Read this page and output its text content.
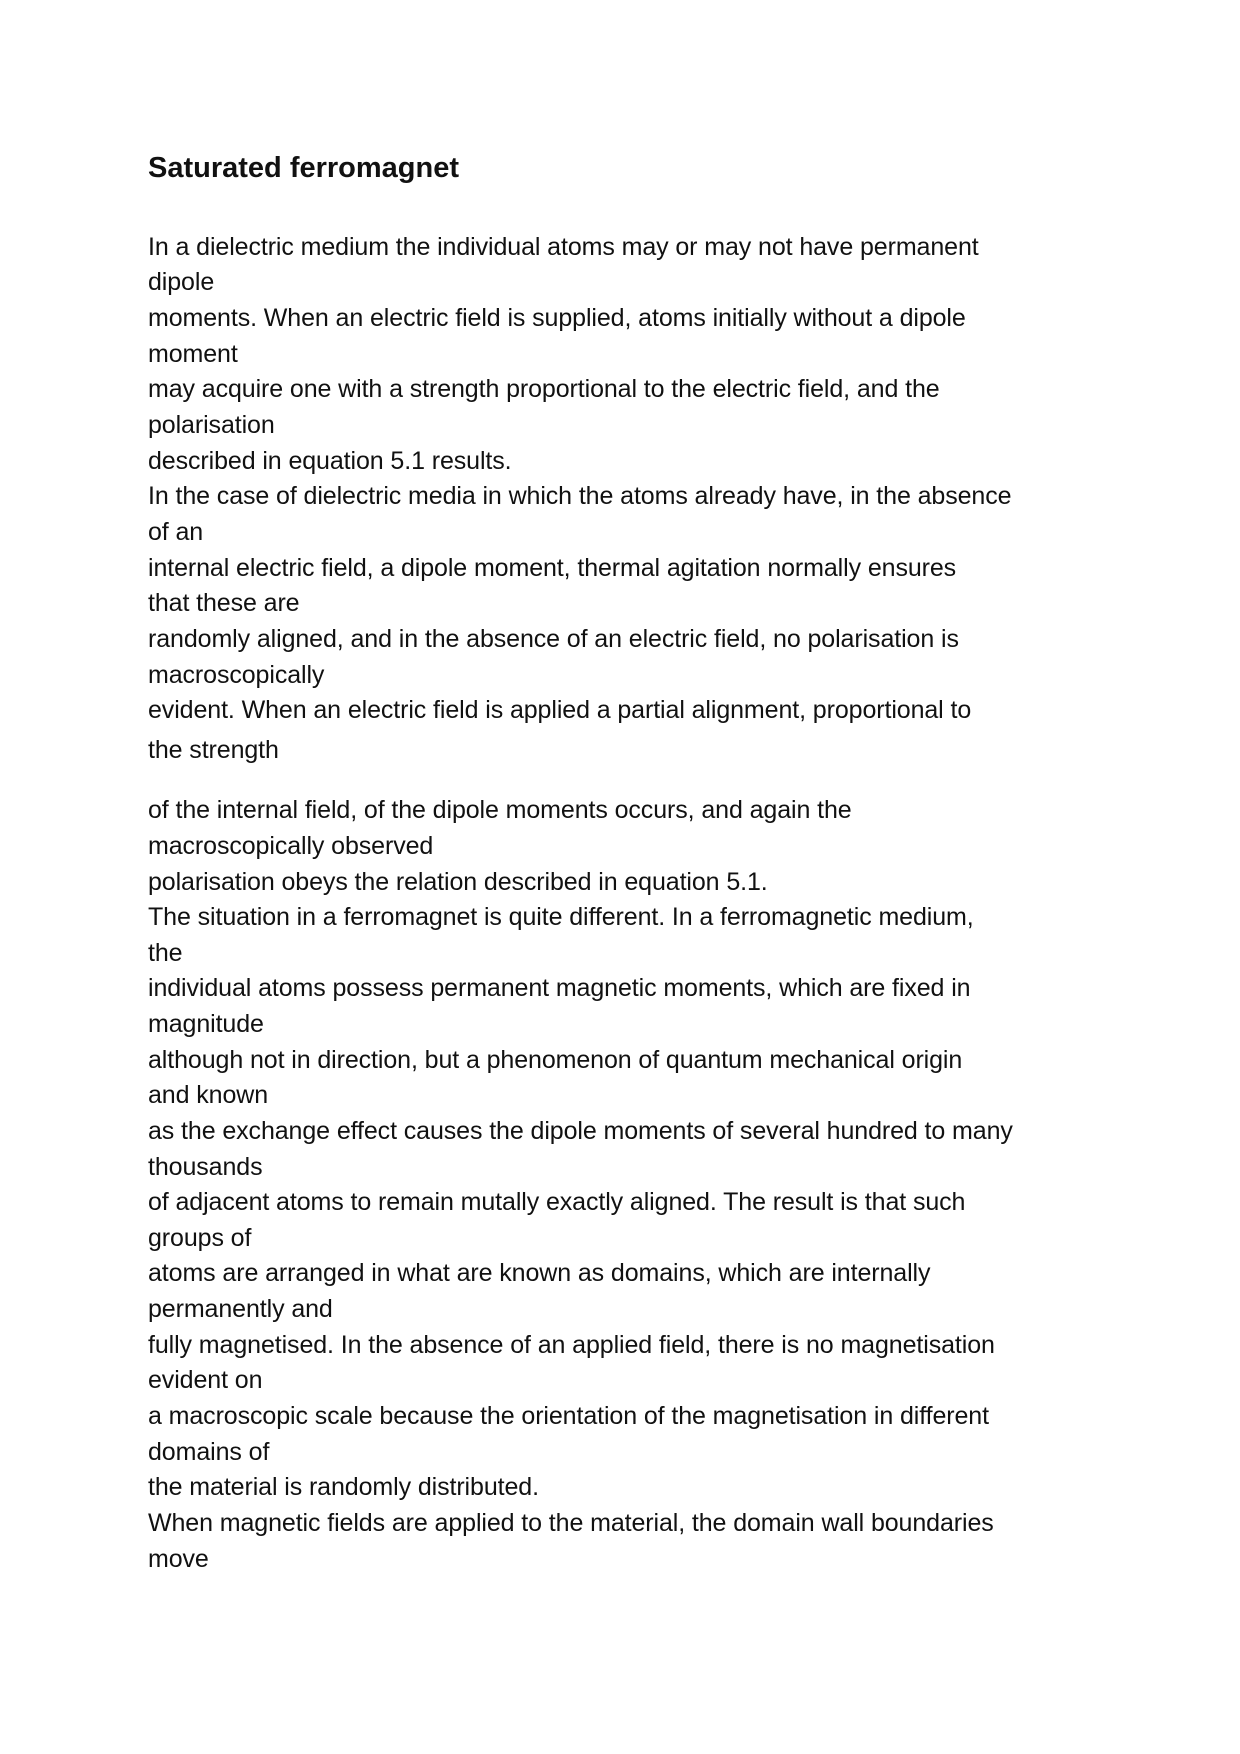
Saturated ferromagnet

In a dielectric medium the individual atoms may or may not have permanent

dipole

moments. When an electric field is supplied, atoms initially without a dipole

moment

may acquire one with a strength proportional to the electric field, and the

polarisation

described in equation 5.1 results.

In the case of dielectric media in which the atoms already have, in the absence

of an

internal electric field, a dipole moment, thermal agitation normally ensures

that these are

randomly aligned, and in the absence of an electric field, no polarisation is

macroscopically

evident. When an electric field is applied a partial alignment, proportional to

the strength

of the internal field, of the dipole moments occurs, and again the

macroscopically observed

polarisation obeys the relation described in equation 5.1.

The situation in a ferromagnet is quite different. In a ferromagnetic medium,

the

individual atoms possess permanent magnetic moments, which are fixed in

magnitude

although not in direction, but a phenomenon of quantum mechanical origin

and known

as the exchange effect causes the dipole moments of several hundred to many

thousands

of adjacent atoms to remain mutally exactly aligned. The result is that such

groups of

atoms are arranged in what are known as domains, which are internally

permanently and

fully magnetised. In the absence of an applied field, there is no magnetisation

evident on

a macroscopic scale because the orientation of the magnetisation in different

domains of

the material is randomly distributed.

When magnetic fields are applied to the material, the domain wall boundaries

move
